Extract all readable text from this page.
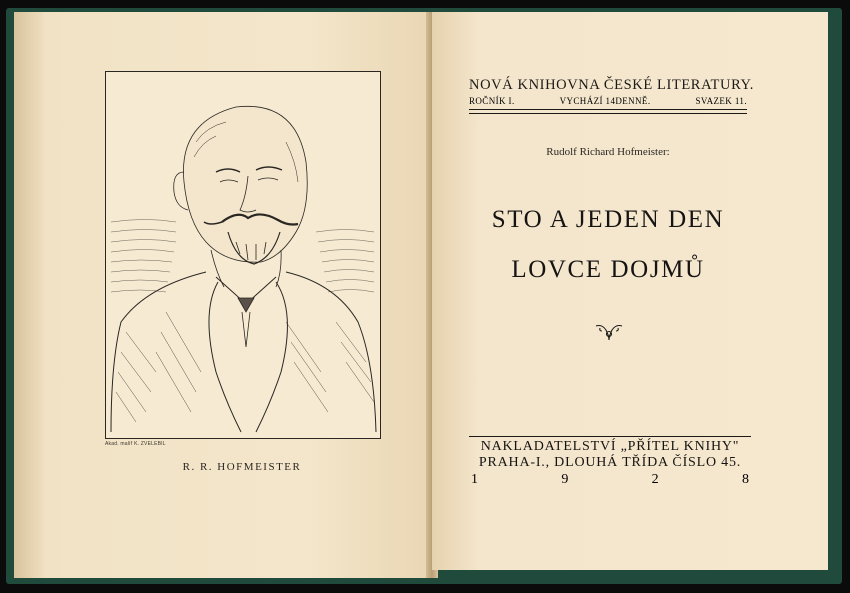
Akad. malíř K. ZVELEBIL
R. R. HOFMEISTER
NOVÁ KNIHOVNA ČESKÉ LITERATURY.
ROČNÍK I.	VYCHÁZÍ 14DENNĚ.	SVAZEK 11.
Rudolf Richard Hofmeister:
STO A JEDEN DEN
LOVCE DOJMŮ
NAKLADATELSTVÍ „PŘÍTEL KNIHY"
PRAHA-I., DLOUHÁ TŘÍDA ČÍSLO 45.
1	9	2	8
